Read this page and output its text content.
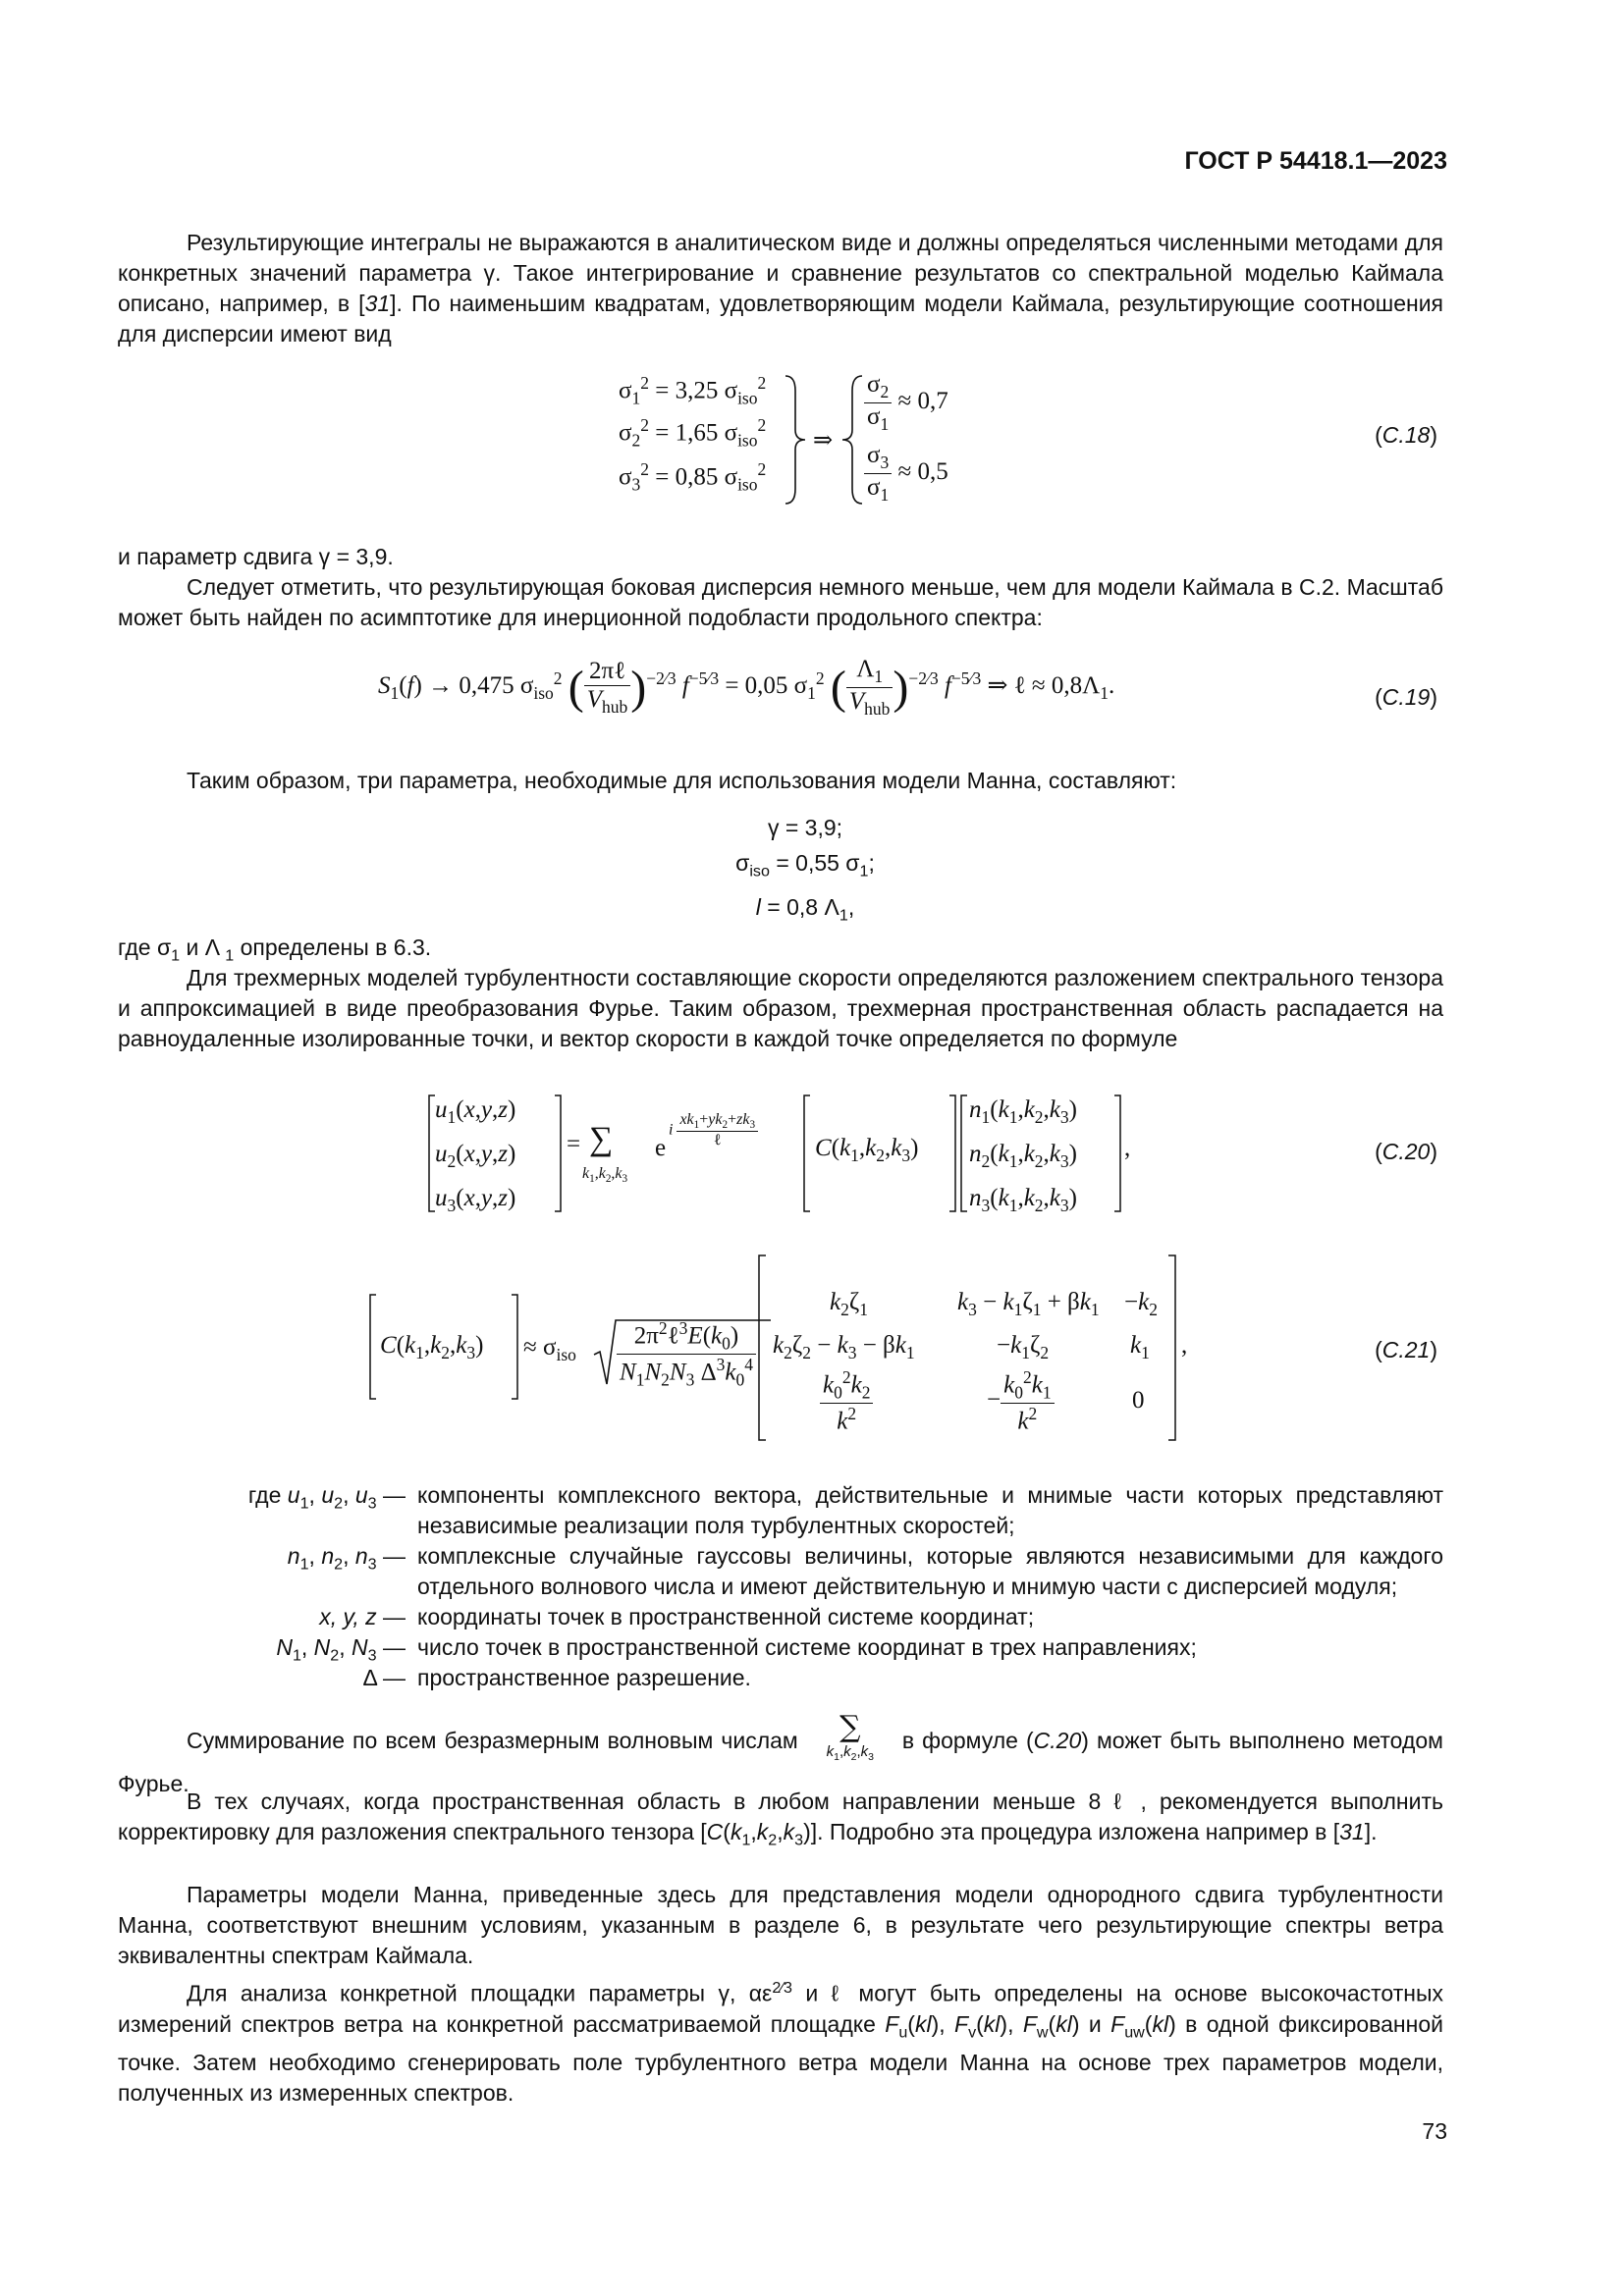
ГОСТ Р 54418.1—2023
Результирующие интегралы не выражаются в аналитическом виде и должны определяться численными методами для конкретных значений параметра γ. Такое интегрирование и сравнение результатов со спектральной моделью Каймала описано, например, в [31]. По наименьшим квадратам, удовлетворяющим модели Каймала, результирующие соотношения для дисперсии имеют вид
$\sigma_1^2 = 3,25$ $\sigma_{iso}^2$
$\sigma_2^2 = 1,65$ $\sigma_{iso}^2$
$\sigma_3^2 = 0,85$ $\sigma_{iso}^2$
⇒
$\frac{\sigma_2}{\sigma_1} \approx 0,7$
$\frac{\sigma_3}{\sigma_1} \approx 0,5$
(C.18)
и параметр сдвига γ = 3,9.
Следует отметить, что результирующая боковая дисперсия немного меньше, чем для модели Каймала в С.2. Масштаб может быть найден по асимптотике для инерционной подобласти продольного спектра:
$S_1(f) \to 0,475$ $\sigma_{iso}^2$ ( $\frac{\text{2πℓ}}{V_{hub}} )^{-2⁄3}$ $f^{-5⁄3} = 0,05$ $\sigma_1^2$ ( $\frac{\Lambda_1}{V_{hub}} )^{-2⁄3}$ $f^{-5⁄3}$ ⇒ ℓ ≈ $0,8\Lambda_1$.	(C.19)
Таким образом, три параметра, необходимые для использования модели Манна, составляют:
γ = 3,9;
$\sigma_{iso} = 0,55$ $\sigma_1$;
l = 0,8 $\Lambda_1$,
где $\sigma_1$ и Λ $_1$ определены в 6.3.
Для трехмерных моделей турбулентности составляющие скорости определяются разложением спектрального тензора и аппроксимацией в виде преобразования Фурье. Таким образом, трехмерная пространственная область распадается на равноудаленные изолированные точки, и вектор скорости в каждой точке определяется по формуле
$u_1(x,y,z)$
$u_2(x,y,z)$
$u_3(x,y,z)$
= ∑
$k_1,k_2,k_3$
e
i $\frac{xk_1+yk_2+zk_3}{\text{ℓ}} C(k_1,k_2,k_3)$
$n_1(k_1,k_2,k_3)$
$n_2(k_1,k_2,k_3)$
$n_3(k_1,k_2,k_3)$
,	(C.20)
$C(k_1,k_2,k_3) \approx \sigma_{iso} \frac{2\pi^2\ell^3E(k_0)}{N_1N_2N_3 \Delta^3k_0^4}$
$k_2\zeta_1$	$k_3 - k_1\zeta_1 + \beta k_1 -k_2$
$k_2\zeta_2 - k_3 - \beta k_1$	$-k_1\zeta_2$	$k_1$
$\frac{k_0^2k_2}{k^2}$	− $\frac{k_0^2k_1}{k^2}$	0
,	(C.21)
где $u_1$, $u_2$, $u_3$ — компоненты комплексного вектора, действительные и мнимые части которых представляют независимые реализации поля турбулентных скоростей;
$n_1$, $n_2$, $n_3$ — комплексные случайные гауссовы величины, которые являются независимыми для каждого отдельного волнового числа и имеют действительную и мнимую части с дисперсией модуля;
x, y, z — координаты точек в пространственной системе координат;
$N_1$, $N_2$, $N_3$ — число точек в пространственной системе координат в трех направлениях;
Δ — пространственное разрешение.
Суммирование по всем безразмерным волновым числам ∑
$k_1,k_2,k_3$ в формуле (C.20) может быть выполнено методом Фурье.
В тех случаях, когда пространственная область в любом направлении меньше 8 ℓ , рекомендуется выполнить корректировку для разложения спектрального тензора $[C(k_1,k_2,k_3)]$. Подробно эта процедура изложена например в [31].
Параметры модели Манна, приведенные здесь для представления модели однородного сдвига турбулентности Манна, соответствуют внешним условиям, указанным в разделе 6, в результате чего результирующие спектры ветра эквивалентны спектрам Каймала.
Для анализа конкретной площадки параметры γ, $\alpha\varepsilon^{2⁄3}$ и ℓ могут быть определены на основе высокочастотных измерений спектров ветра на конкретной рассматриваемой площадке $F_u(kl)$, $F_v(kl)$, $F_w(kl)$ и $F_{uw}(kl)$ в одной фиксированной точке. Затем необходимо сгенерировать поле турбулентного ветра модели Манна на основе трех параметров модели, полученных из измеренных спектров.
73
